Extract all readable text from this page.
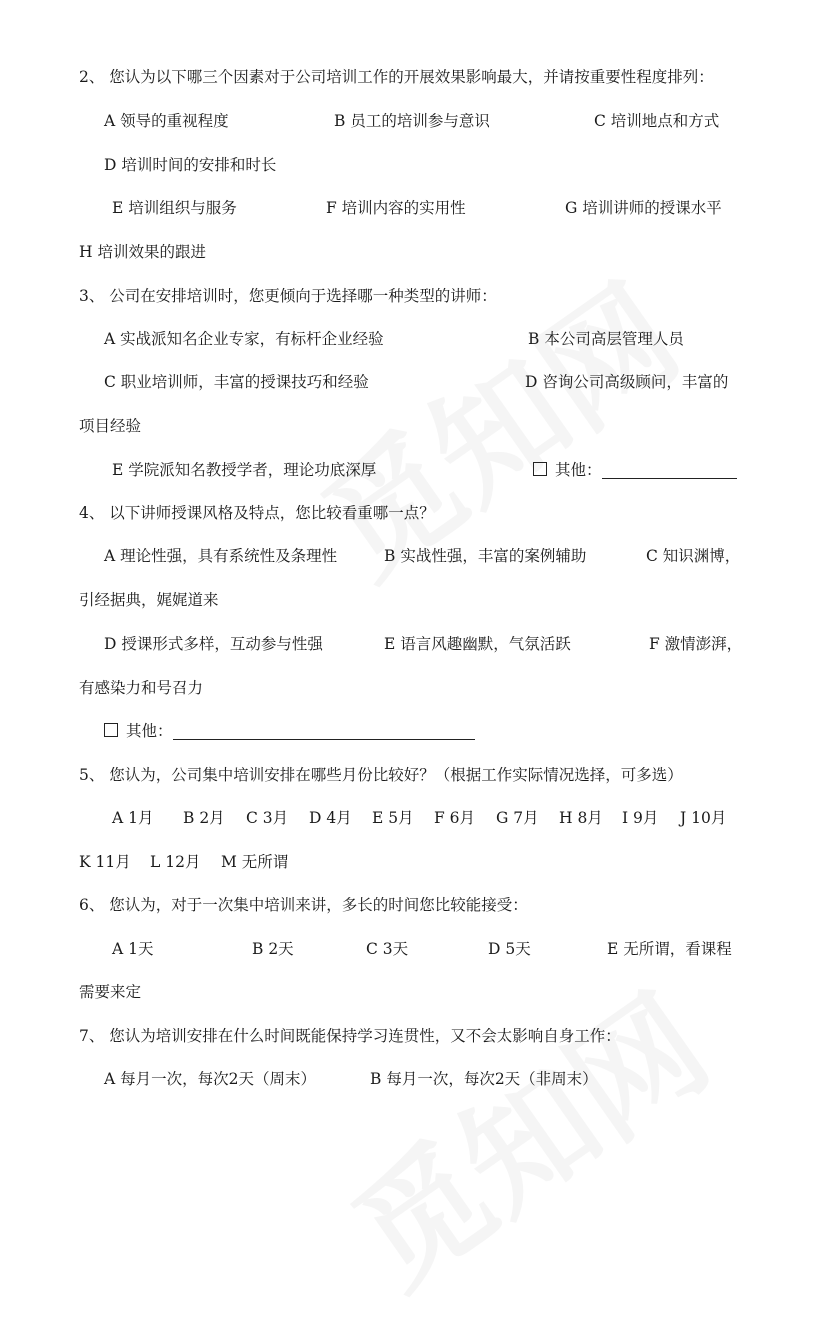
2、 您认为以下哪三个因素对于公司培训工作的开展效果影响最大，并请按重要性程度排列：
A 领导的重视程度	B 员工的培训参与意识	C 培训地点和方式
D 培训时间的安排和时长
E 培训组织与服务	F 培训内容的实用性	G 培训讲师的授课水平
H 培训效果的跟进
3、 公司在安排培训时，您更倾向于选择哪一种类型的讲师：
A 实战派知名企业专家，有标杆企业经验	B 本公司高层管理人员
C 职业培训师，丰富的授课技巧和经验	D 咨询公司高级顾问，丰富的
项目经验
E 学院派知名教授学者，理论功底深厚	其他：
4、 以下讲师授课风格及特点，您比较看重哪一点？
A 理论性强，具有系统性及条理性	B 实战性强，丰富的案例辅助	C 知识渊博，
引经据典，娓娓道来
D 授课形式多样，互动参与性强	E 语言风趣幽默，气氛活跃	F 激情澎湃，
有感染力和号召力
其他：
5、 您认为，公司集中培训安排在哪些月份比较好？（根据工作实际情况选择，可多选）
A 1月 B 2月 C 3月 D 4月 E 5月 F 6月 G 7月 H 8月 I 9月 J 10月
K 11月 L 12月 M 无所谓
6、 您认为，对于一次集中培训来讲，多长的时间您比较能接受：
A 1天	B 2天	C 3天	D 5天	E 无所谓，看课程
需要来定
7、 您认为培训安排在什么时间既能保持学习连贯性，又不会太影响自身工作：
A 每月一次，每次2天（周末）	B 每月一次，每次2天（非周末）
